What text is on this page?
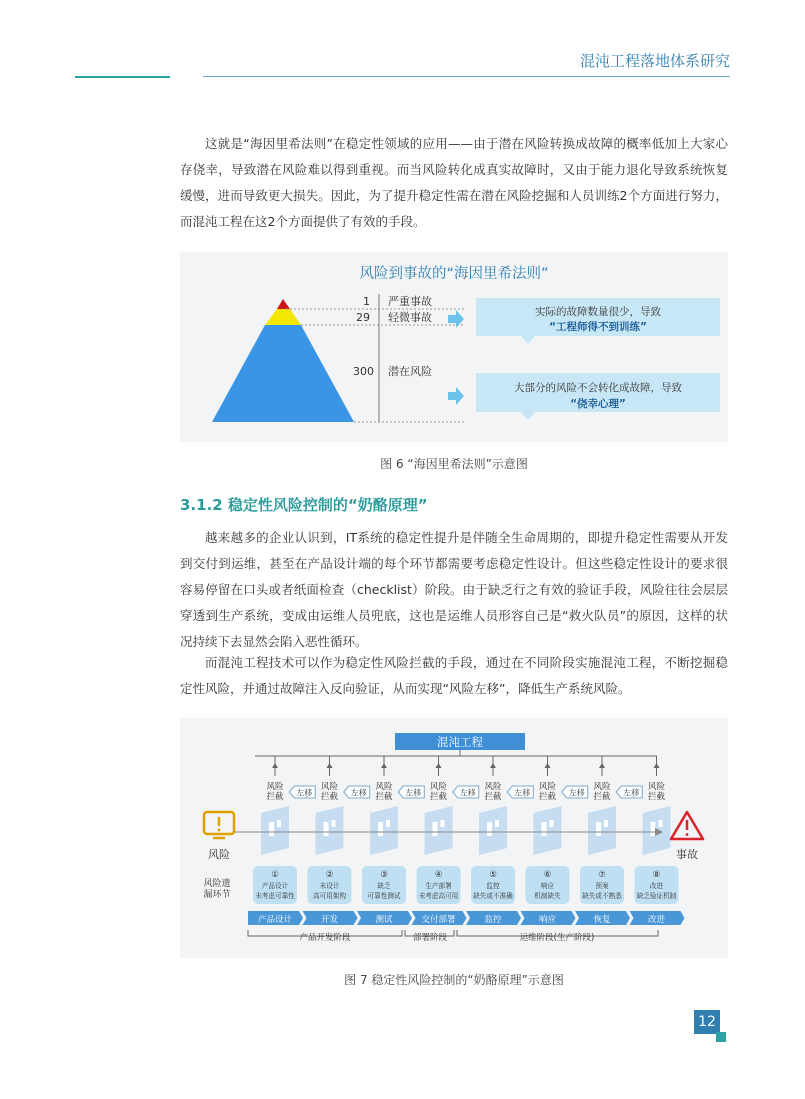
混沌工程落地体系研究

这就是“海因里希法则”在稳定性领域的应用——由于潜在风险转换成故障的概率低加上大家心存侥幸，导致潜在风险难以得到重视。而当风险转化成真实故障时，又由于能力退化导致系统恢复缓慢，进而导致更大损失。因此，为了提升稳定性需在潜在风险挖掘和人员训练2个方面进行努力，而混沌工程在这2个方面提供了有效的手段。

风险到事故的“海因里希法则”
1 严重事故
29 轻微事故
300 潜在风险
实际的故障数量很少，导致
“工程师得不到训练”
大部分的风险不会转化成故障，导致
“侥幸心理”
图 6 “海因里希法则”示意图
3.1.2 稳定性风险控制的“奶酪原理”

越来越多的企业认识到，IT系统的稳定性提升是伴随全生命周期的，即提升稳定性需要从开发到交付到运维，甚至在产品设计端的每个环节都需要考虑稳定性设计。但这些稳定性设计的要求很容易停留在口头或者纸面检查（checklist）阶段。由于缺乏行之有效的验证手段，风险往往会层层穿透到生产系统，变成由运维人员兜底，这也是运维人员形容自己是“救火队员”的原因，这样的状况持续下去显然会陷入恶性循环。

而混沌工程技术可以作为稳定性风险拦截的手段，通过在不同阶段实施混沌工程，不断挖掘稳定性风险，并通过故障注入反向验证，从而实现“风险左移”，降低生产系统风险。

混沌工程
风险
拦截 左移
①
产品设计
未考虑可靠性
产品设计
风险
拦截 左移
②
未设计
高可用架构
开发
风险
拦截 左移
③
缺乏
可靠性测试
测试
风险
拦截 左移
④
生产部署
未考虑高可用
交付部署
风险
拦截 左移
⑤
监控
缺失或不准确
监控
风险
拦截 左移
⑥
响应
机制缺失
响应
风险
拦截 左移
⑦
预案
缺失或不熟悉
恢复
风险
拦截
⑧
改进
缺乏验证机制
改进
风险	事故
风险遗
漏环节
产品开发阶段	部署阶段	运维阶段(生产阶段)
图 7 稳定性风险控制的“奶酪原理”示意图
12
